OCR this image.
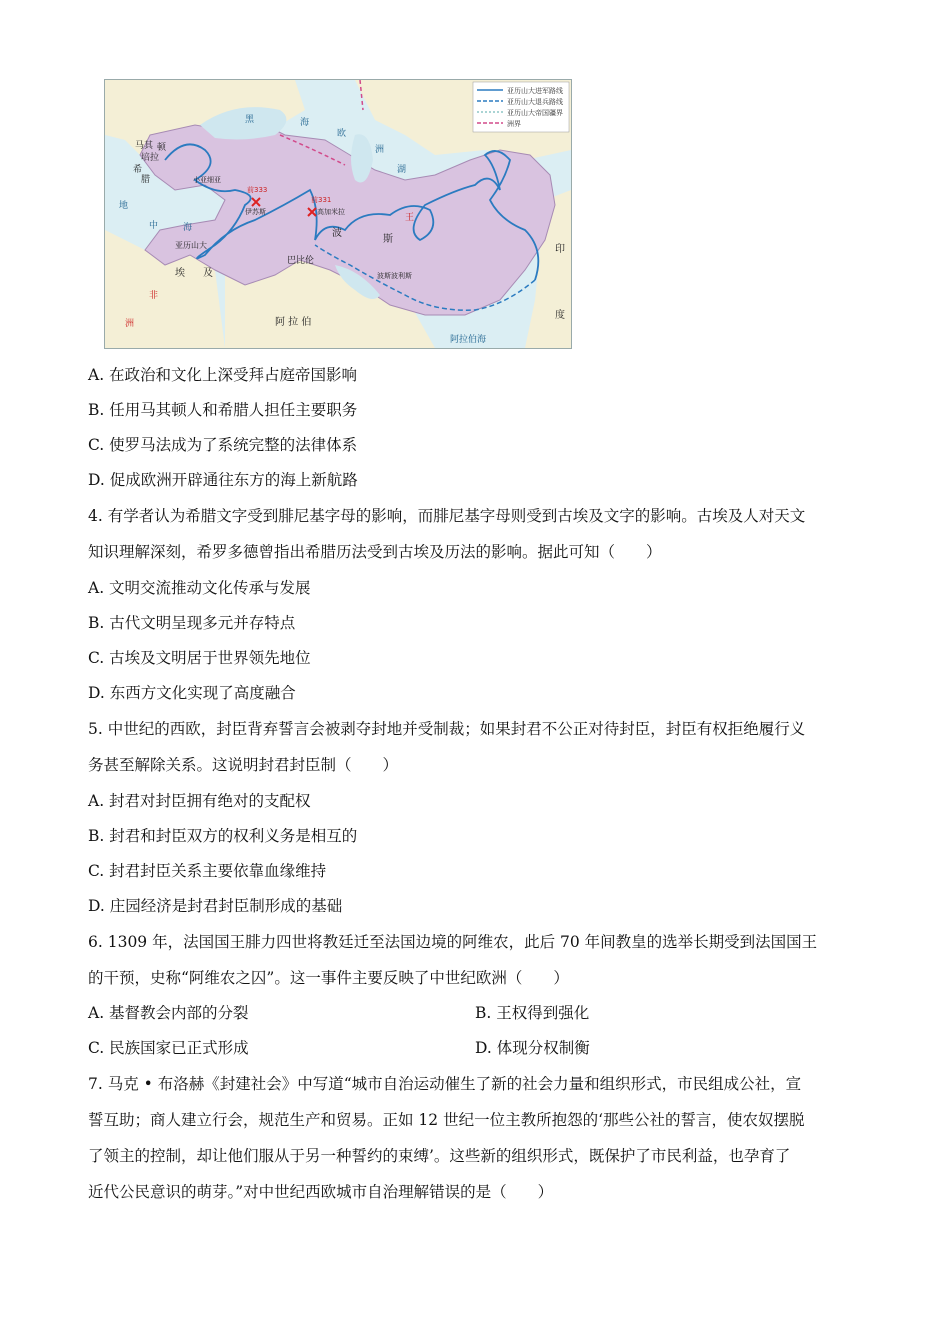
亚历山大进军路线
亚历山大退兵路线
亚历山大帝国疆界
洲界
欧
洲
黑	海
地
中	海
阿拉伯海
湖
马其
培拉
顿
希
腊	小亚细亚
前333
伊苏斯
前331
高加米拉
亚历山大
埃 及
非
洲
巴比伦
波
斯
王
波斯波利斯
阿 拉 伯
印
度
A. 在政治和文化上深受拜占庭帝国影响
B. 任用马其顿人和希腊人担任主要职务
C. 使罗马法成为了系统完整的法律体系
D. 促成欧洲开辟通往东方的海上新航路
4. 有学者认为希腊文字受到腓尼基字母的影响，而腓尼基字母则受到古埃及文字的影响。古埃及人对天文
知识理解深刻，希罗多德曾指出希腊历法受到古埃及历法的影响。据此可知（　　）
A. 文明交流推动文化传承与发展
B. 古代文明呈现多元并存特点
C. 古埃及文明居于世界领先地位
D. 东西方文化实现了高度融合
5. 中世纪的西欧，封臣背弃誓言会被剥夺封地并受制裁；如果封君不公正对待封臣，封臣有权拒绝履行义
务甚至解除关系。这说明封君封臣制（　　）
A. 封君对封臣拥有绝对的支配权
B. 封君和封臣双方的权利义务是相互的
C. 封君封臣关系主要依靠血缘维持
D. 庄园经济是封君封臣制形成的基础
6. 1309 年，法国国王腓力四世将教廷迁至法国边境的阿维农，此后 70 年间教皇的选举长期受到法国国王
的干预，史称“阿维农之囚”。这一事件主要反映了中世纪欧洲（　　）
A. 基督教会内部的分裂	B. 王权得到强化
C. 民族国家已正式形成	D. 体现分权制衡
7. 马克 • 布洛赫《封建社会》中写道“城市自治运动催生了新的社会力量和组织形式，市民组成公社，宣
誓互助；商人建立行会，规范生产和贸易。正如 12 世纪一位主教所抱怨的‘那些公社的誓言，使农奴摆脱
了领主的控制，却让他们服从于另一种誓约的束缚’。这些新的组织形式，既保护了市民利益，也孕育了
近代公民意识的萌芽。”对中世纪西欧城市自治理解错误的是（　　）
